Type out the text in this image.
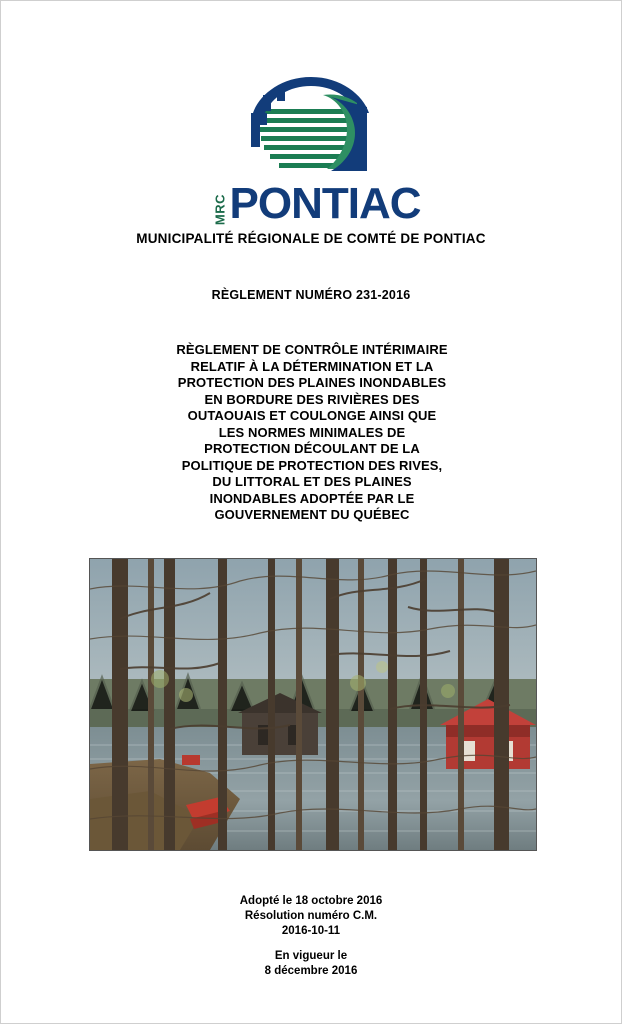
MRC PONTIAC
MUNICIPALITÉ RÉGIONALE DE COMTÉ DE PONTIAC
RÈGLEMENT NUMÉRO 231-2016
RÈGLEMENT DE CONTRÔLE INTÉRIMAIRE
RELATIF À LA DÉTERMINATION ET LA
PROTECTION DES PLAINES INONDABLES
EN BORDURE DES RIVIÈRES DES
OUTAOUAIS ET COULONGE AINSI QUE
LES NORMES MINIMALES DE
PROTECTION DÉCOULANT DE LA
POLITIQUE DE PROTECTION DES RIVES,
DU LITTORAL ET DES PLAINES
INONDABLES ADOPTÉE PAR LE
GOUVERNEMENT DU QUÉBEC
Adopté le 18 octobre 2016
Résolution numéro C.M.
2016-10-11
En vigueur le
8 décembre 2016
